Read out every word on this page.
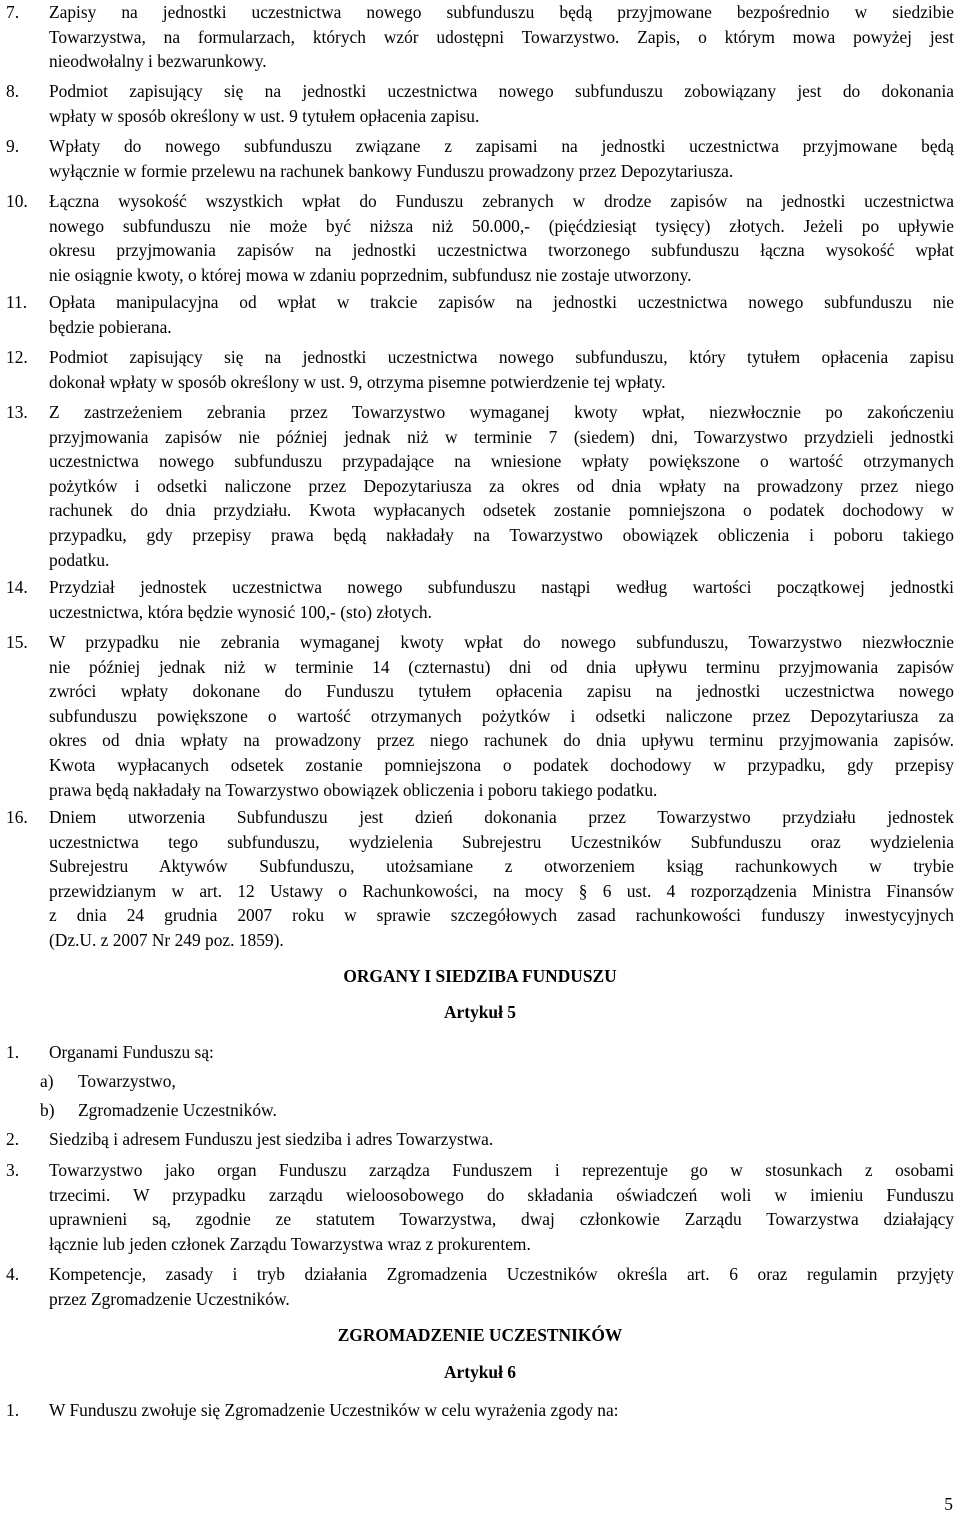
7. Zapisy na jednostki uczestnictwa nowego subfunduszu będą przyjmowane bezpośrednio w siedzibie
Towarzystwa, na formularzach, których wzór udostępni Towarzystwo. Zapis, o którym mowa powyżej jest
nieodwołalny i bezwarunkowy.
8. Podmiot zapisujący się na jednostki uczestnictwa nowego subfunduszu zobowiązany jest do dokonania
wpłaty w sposób określony w ust. 9 tytułem opłacenia zapisu.
9. Wpłaty do nowego subfunduszu związane z zapisami na jednostki uczestnictwa przyjmowane będą
wyłącznie w formie przelewu na rachunek bankowy Funduszu prowadzony przez Depozytariusza.
10. Łączna wysokość wszystkich wpłat do Funduszu zebranych w drodze zapisów na jednostki uczestnictwa
nowego subfunduszu nie może być niższa niż 50.000,- (pięćdziesiąt tysięcy) złotych. Jeżeli po upływie
okresu przyjmowania zapisów na jednostki uczestnictwa tworzonego subfunduszu łączna wysokość wpłat
nie osiągnie kwoty, o której mowa w zdaniu poprzednim, subfundusz nie zostaje utworzony.
11. Opłata manipulacyjna od wpłat w trakcie zapisów na jednostki uczestnictwa nowego subfunduszu nie
będzie pobierana.
12. Podmiot zapisujący się na jednostki uczestnictwa nowego subfunduszu, który tytułem opłacenia zapisu
dokonał wpłaty w sposób określony w ust. 9, otrzyma pisemne potwierdzenie tej wpłaty.
13. Z zastrzeżeniem zebrania przez Towarzystwo wymaganej kwoty wpłat, niezwłocznie po zakończeniu
przyjmowania zapisów nie później jednak niż w terminie 7 (siedem) dni, Towarzystwo przydzieli jednostki
uczestnictwa nowego subfunduszu przypadające na wniesione wpłaty powiększone o wartość otrzymanych
pożytków i odsetki naliczone przez Depozytariusza za okres od dnia wpłaty na prowadzony przez niego
rachunek do dnia przydziału. Kwota wypłacanych odsetek zostanie pomniejszona o podatek dochodowy w
przypadku, gdy przepisy prawa będą nakładały na Towarzystwo obowiązek obliczenia i poboru takiego
podatku.
14. Przydział jednostek uczestnictwa nowego subfunduszu nastąpi według wartości początkowej jednostki
uczestnictwa, która będzie wynosić 100,- (sto) złotych.
15. W przypadku nie zebrania wymaganej kwoty wpłat do nowego subfunduszu, Towarzystwo niezwłocznie
nie później jednak niż w terminie 14 (czternastu) dni od dnia upływu terminu przyjmowania zapisów
zwróci wpłaty dokonane do Funduszu tytułem opłacenia zapisu na jednostki uczestnictwa nowego
subfunduszu powiększone o wartość otrzymanych pożytków i odsetki naliczone przez Depozytariusza za
okres od dnia wpłaty na prowadzony przez niego rachunek do dnia upływu terminu przyjmowania zapisów.
Kwota wypłacanych odsetek zostanie pomniejszona o podatek dochodowy w przypadku, gdy przepisy
prawa będą nakładały na Towarzystwo obowiązek obliczenia i poboru takiego podatku.
16. Dniem utworzenia Subfunduszu jest dzień dokonania przez Towarzystwo przydziału jednostek
uczestnictwa tego subfunduszu, wydzielenia Subrejestru Uczestników Subfunduszu oraz wydzielenia
Subrejestru Aktywów Subfunduszu, utożsamiane z otworzeniem ksiąg rachunkowych w trybie
przewidzianym w art. 12 Ustawy o Rachunkowości, na mocy § 6 ust. 4 rozporządzenia Ministra Finansów
z dnia 24 grudnia 2007 roku w sprawie szczegółowych zasad rachunkowości funduszy inwestycyjnych
(Dz.U. z 2007 Nr 249 poz. 1859).
ORGANY I SIEDZIBA FUNDUSZU
Artykuł 5
1. Organami Funduszu są:
a) Towarzystwo,
b) Zgromadzenie Uczestników.
2. Siedzibą i adresem Funduszu jest siedziba i adres Towarzystwa.
3. Towarzystwo jako organ Funduszu zarządza Funduszem i reprezentuje go w stosunkach z osobami
trzecimi. W przypadku zarządu wieloosobowego do składania oświadczeń woli w imieniu Funduszu
uprawnieni są, zgodnie ze statutem Towarzystwa, dwaj członkowie Zarządu Towarzystwa działający
łącznie lub jeden członek Zarządu Towarzystwa wraz z prokurentem.
4. Kompetencje, zasady i tryb działania Zgromadzenia Uczestników określa art. 6 oraz regulamin przyjęty
przez Zgromadzenie Uczestników.
ZGROMADZENIE UCZESTNIKÓW
Artykuł 6
1. W Funduszu zwołuje się Zgromadzenie Uczestników w celu wyrażenia zgody na:
5
